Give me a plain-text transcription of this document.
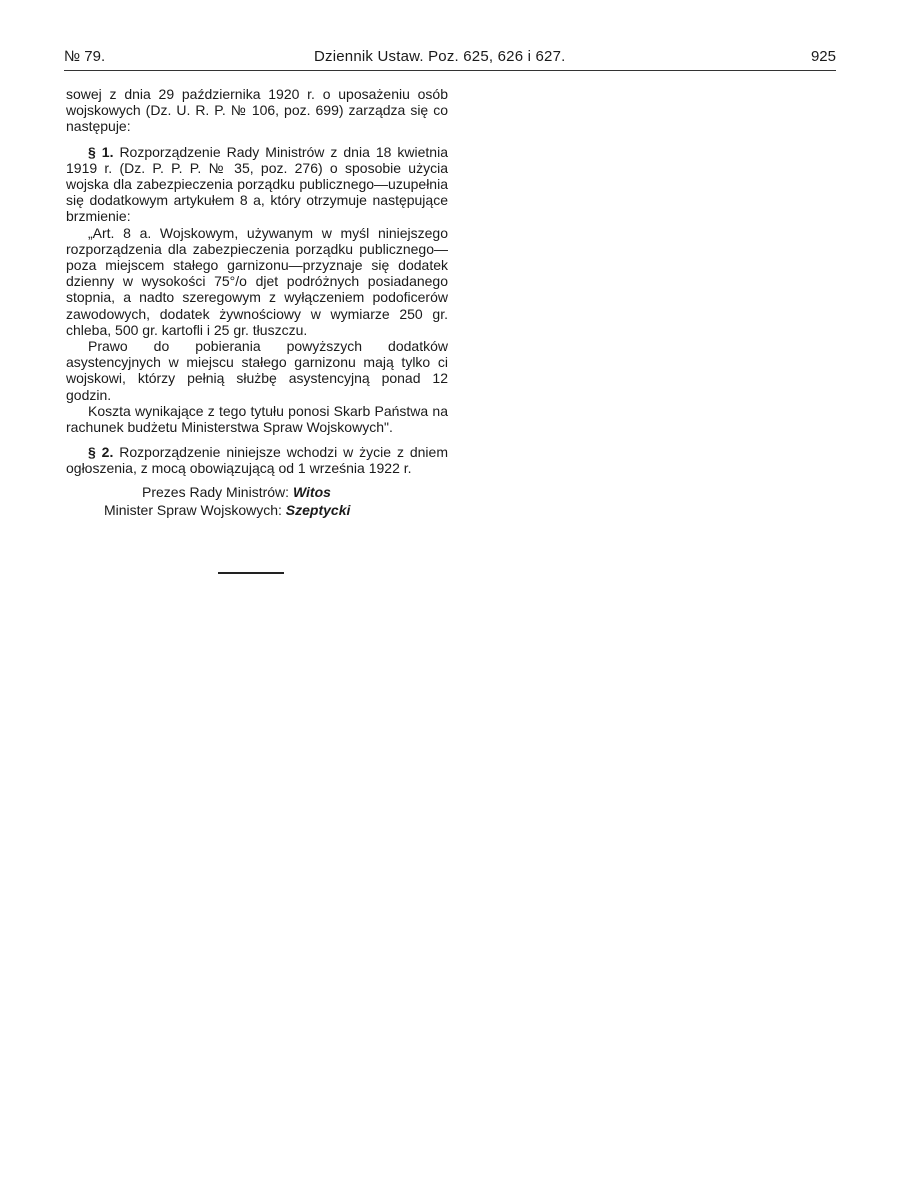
№ 79.	Dziennik Ustaw. Poz. 625, 626 i 627.	925

sowej z dnia 29 października 1920 r. o uposażeniu osób wojskowych (Dz. U. R. P. № 106, poz. 699) zarządza się co następuje:

§ 1. Rozporządzenie Rady Ministrów z dnia 18 kwietnia 1919 r. (Dz. P. P. P. № 35, poz. 276) o sposobie użycia wojska dla zabezpieczenia porządku publicznego—uzupełnia się dodatkowym artykułem 8 a, który otrzymuje następujące brzmienie:

„Art. 8 a. Wojskowym, używanym w myśl niniejszego rozporządzenia dla zabezpieczenia porządku publicznego—poza miejscem stałego garnizonu—przyznaje się dodatek dzienny w wysokości 75°/o djet podróżnych posiadanego stopnia, a nadto szeregowym z wyłączeniem podoficerów zawodowych, dodatek żywnościowy w wymiarze 250 gr. chleba, 500 gr. kartofli i 25 gr. tłuszczu.

Prawo do pobierania powyższych dodatków asystencyjnych w miejscu stałego garnizonu mają tylko ci wojskowi, którzy pełnią służbę asystencyjną ponad 12 godzin.

Koszta wynikające z tego tytułu ponosi Skarb Państwa na rachunek budżetu Ministerstwa Spraw Wojskowych".

§ 2. Rozporządzenie niniejsze wchodzi w życie z dniem ogłoszenia, z mocą obowiązującą od 1 września 1922 r.

Prezes Rady Ministrów: Witos
Minister Spraw Wojskowych: Szeptycki
